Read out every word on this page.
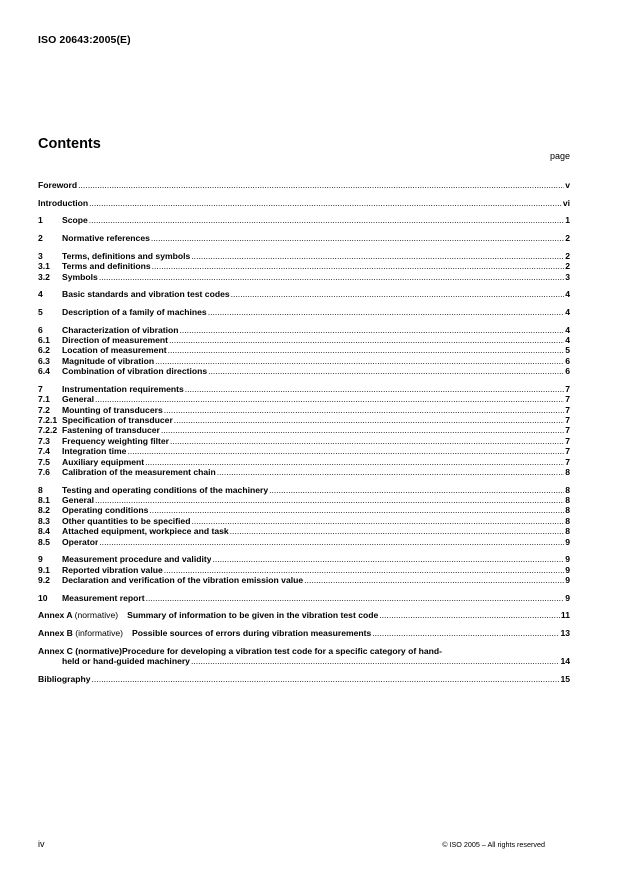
ISO 20643:2005(E)
Contents
page
Foreword .....	v
Introduction .....	vi
1	Scope .....	1
2	Normative references .....	2
3	Terms, definitions and symbols .....	2
3.1	Terms and definitions .....	2
3.2	Symbols .....	3
4	Basic standards and vibration test codes .....	4
5	Description of a family of machines .....	4
6	Characterization of vibration .....	4
6.1	Direction of measurement .....	4
6.2	Location of measurement .....	5
6.3	Magnitude of vibration .....	6
6.4	Combination of vibration directions .....	6
7	Instrumentation requirements .....	7
7.1	General .....	7
7.2	Mounting of transducers .....	7
7.2.1 Specification of transducer .....	7
7.2.2 Fastening of transducer .....	7
7.3	Frequency weighting filter .....	7
7.4	Integration time .....	7
7.5	Auxiliary equipment .....	7
7.6	Calibration of the measurement chain .....	8
8	Testing and operating conditions of the machinery .....	8
8.1	General .....	8
8.2	Operating conditions .....	8
8.3	Other quantities to be specified .....	8
8.4	Attached equipment, workpiece and task .....	8
8.5	Operator .....	9
9	Measurement procedure and validity .....	9
9.1	Reported vibration value .....	9
9.2	Declaration and verification of the vibration emission value .....	9
10	Measurement report .....	9
Annex A (normative) Summary of information to be given in the vibration test code .....	11
Annex B (informative) Possible sources of errors during vibration measurements .....	13
Annex C (normative)Procedure for developing a vibration test code for a specific category of hand-
held or hand-guided machinery .....	14
Bibliography .....	15
iv	© ISO 2005 – All rights reserved
